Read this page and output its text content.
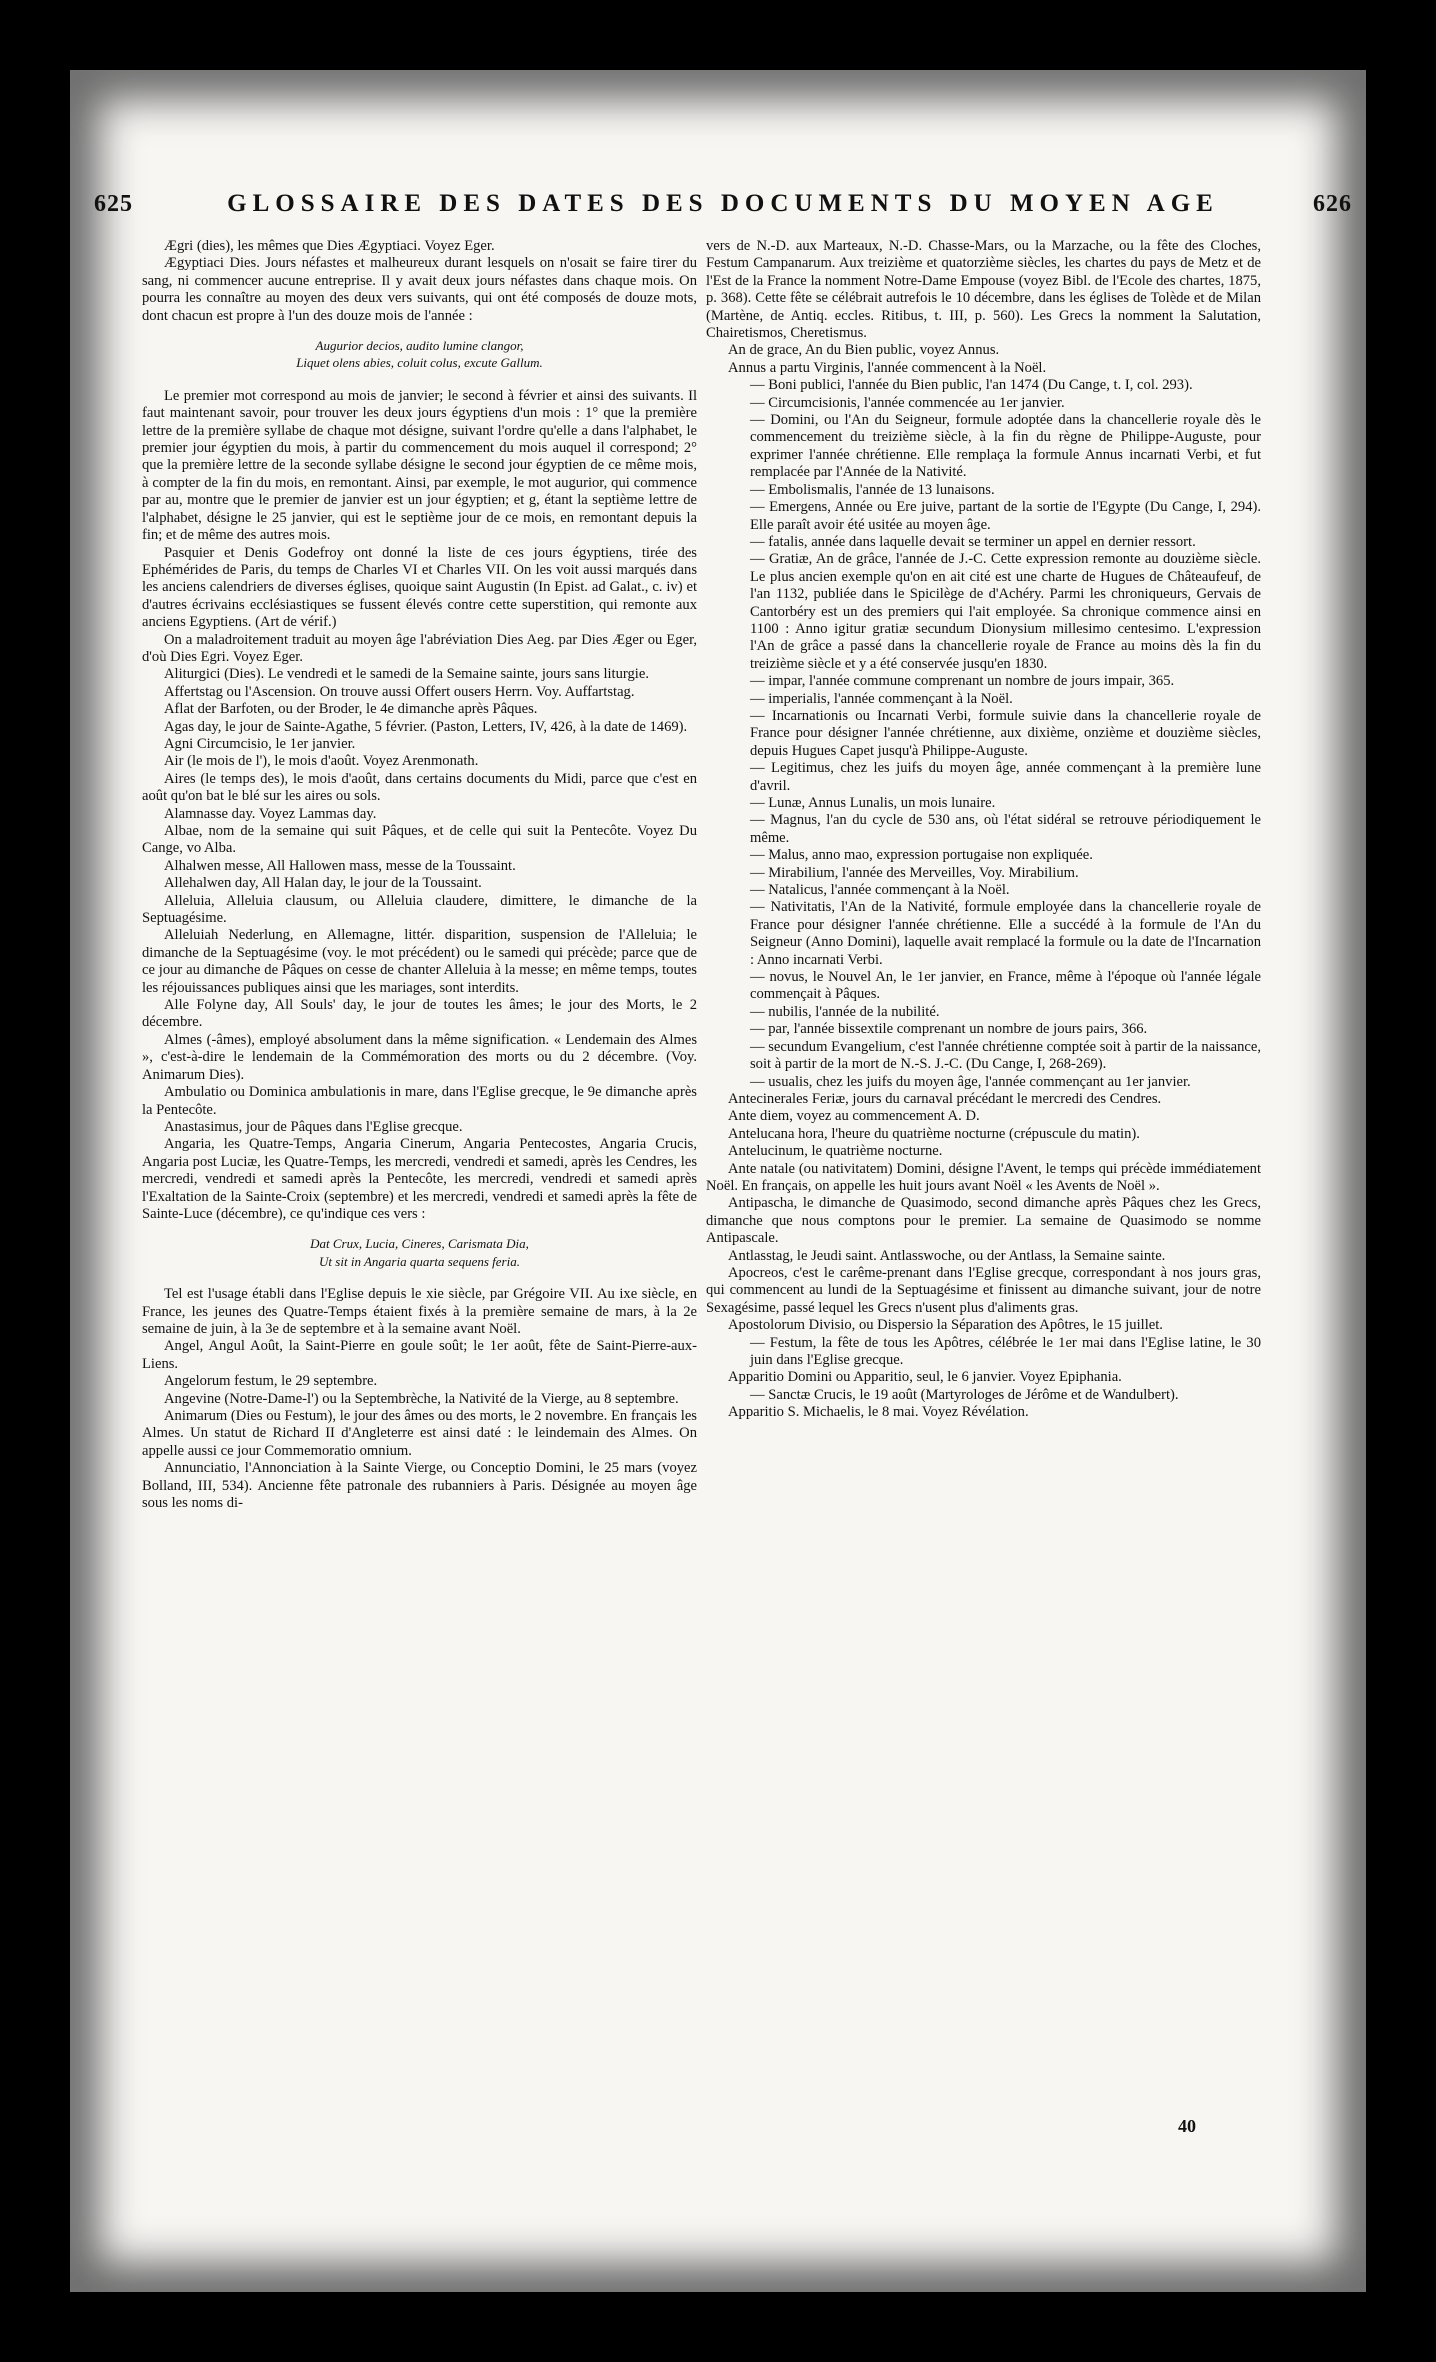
625	GLOSSAIRE DES DATES DES DOCUMENTS DU MOYEN AGE	626

Ægri (dies), les mêmes que Dies Ægyptiaci. Voyez Eger.

Ægyptiaci Dies. Jours néfastes et malheureux durant lesquels on n'osait se faire tirer du sang, ni commencer aucune entreprise. Il y avait deux jours néfastes dans chaque mois. On pourra les connaître au moyen des deux vers suivants, qui ont été composés de douze mots, dont chacun est propre à l'un des douze mois de l'année :

Augurior decios, audito lumine clangor,
Liquet olens abies, coluit colus, excute Gallum.

Le premier mot correspond au mois de janvier; le second à février et ainsi des suivants. Il faut maintenant savoir, pour trouver les deux jours égyptiens d'un mois : 1° que la première lettre de la première syllabe de chaque mot désigne, suivant l'ordre qu'elle a dans l'alphabet, le premier jour égyptien du mois, à partir du commencement du mois auquel il correspond; 2° que la première lettre de la seconde syllabe désigne le second jour égyptien de ce même mois, à compter de la fin du mois, en remontant. Ainsi, par exemple, le mot augurior, qui commence par au, montre que le premier de janvier est un jour égyptien; et g, étant la septième lettre de l'alphabet, désigne le 25 janvier, qui est le septième jour de ce mois, en remontant depuis la fin; et de même des autres mois.

Pasquier et Denis Godefroy ont donné la liste de ces jours égyptiens, tirée des Ephémérides de Paris, du temps de Charles VI et Charles VII. On les voit aussi marqués dans les anciens calendriers de diverses églises, quoique saint Augustin (In Epist. ad Galat., c. iv) et d'autres écrivains ecclésiastiques se fussent élevés contre cette superstition, qui remonte aux anciens Egyptiens. (Art de vérif.)

On a maladroitement traduit au moyen âge l'abréviation Dies Aeg. par Dies Æger ou Eger, d'où Dies Egri. Voyez Eger.

Aliturgici (Dies). Le vendredi et le samedi de la Semaine sainte, jours sans liturgie.

Affertstag ou l'Ascension. On trouve aussi Offert ousers Herrn. Voy. Auffartstag.

Aflat der Barfoten, ou der Broder, le 4e dimanche après Pâques.

Agas day, le jour de Sainte-Agathe, 5 février. (Paston, Letters, IV, 426, à la date de 1469).

Agni Circumcisio, le 1er janvier.

Air (le mois de l'), le mois d'août. Voyez Arenmonath.

Aires (le temps des), le mois d'août, dans certains documents du Midi, parce que c'est en août qu'on bat le blé sur les aires ou sols.

Alamnasse day. Voyez Lammas day.

Albae, nom de la semaine qui suit Pâques, et de celle qui suit la Pentecôte. Voyez Du Cange, vo Alba.

Alhalwen messe, All Hallowen mass, messe de la Toussaint.

Allehalwen day, All Halan day, le jour de la Toussaint.

Alleluia, Alleluia clausum, ou Alleluia claudere, dimittere, le dimanche de la Septuagésime.

Alleluiah Nederlung, en Allemagne, littér. disparition, suspension de l'Alleluia; le dimanche de la Septuagésime (voy. le mot précédent) ou le samedi qui précède; parce que de ce jour au dimanche de Pâques on cesse de chanter Alleluia à la messe; en même temps, toutes les réjouissances publiques ainsi que les mariages, sont interdits.

Alle Folyne day, All Souls' day, le jour de toutes les âmes; le jour des Morts, le 2 décembre.

Almes (-âmes), employé absolument dans la même signification. « Lendemain des Almes », c'est-à-dire le lendemain de la Commémoration des morts ou du 2 décembre. (Voy. Animarum Dies).

Ambulatio ou Dominica ambulationis in mare, dans l'Eglise grecque, le 9e dimanche après la Pentecôte.

Anastasimus, jour de Pâques dans l'Eglise grecque.

Angaria, les Quatre-Temps, Angaria Cinerum, Angaria Pentecostes, Angaria Crucis, Angaria post Luciæ, les Quatre-Temps, les mercredi, vendredi et samedi, après les Cendres, les mercredi, vendredi et samedi après la Pentecôte, les mercredi, vendredi et samedi après l'Exaltation de la Sainte-Croix (septembre) et les mercredi, vendredi et samedi après la fête de Sainte-Luce (décembre), ce qu'indique ces vers :

Dat Crux, Lucia, Cineres, Carismata Dia,
Ut sit in Angaria quarta sequens feria.

Tel est l'usage établi dans l'Eglise depuis le xie siècle, par Grégoire VII. Au ixe siècle, en France, les jeunes des Quatre-Temps étaient fixés à la première semaine de mars, à la 2e semaine de juin, à la 3e de septembre et à la semaine avant Noël.

Angel, Angul Août, la Saint-Pierre en goule soût; le 1er août, fête de Saint-Pierre-aux-Liens.

Angelorum festum, le 29 septembre.

Angevine (Notre-Dame-l') ou la Septembrèche, la Nativité de la Vierge, au 8 septembre.

Animarum (Dies ou Festum), le jour des âmes ou des morts, le 2 novembre. En français les Almes. Un statut de Richard II d'Angleterre est ainsi daté : le leindemain des Almes. On appelle aussi ce jour Commemoratio omnium.

Annunciatio, l'Annonciation à la Sainte Vierge, ou Conceptio Domini, le 25 mars (voyez Bolland, III, 534). Ancienne fête patronale des rubanniers à Paris. Désignée au moyen âge sous les noms di-

vers de N.-D. aux Marteaux, N.-D. Chasse-Mars, ou la Marzache, ou la fête des Cloches, Festum Campanarum. Aux treizième et quatorzième siècles, les chartes du pays de Metz et de l'Est de la France la nomment Notre-Dame Empouse (voyez Bibl. de l'Ecole des chartes, 1875, p. 368). Cette fête se célébrait autrefois le 10 décembre, dans les églises de Tolède et de Milan (Martène, de Antiq. eccles. Ritibus, t. III, p. 560). Les Grecs la nomment la Salutation, Chairetismos, Cheretismus.

An de grace, An du Bien public, voyez Annus.

Annus a partu Virginis, l'année commencent à la Noël.

— Boni publici, l'année du Bien public, l'an 1474 (Du Cange, t. I, col. 293).

— Circumcisionis, l'année commencée au 1er janvier.

— Domini, ou l'An du Seigneur, formule adoptée dans la chancellerie royale dès le commencement du treizième siècle, à la fin du règne de Philippe-Auguste, pour exprimer l'année chrétienne. Elle remplaça la formule Annus incarnati Verbi, et fut remplacée par l'Année de la Nativité.

— Embolismalis, l'année de 13 lunaisons.

— Emergens, Année ou Ere juive, partant de la sortie de l'Egypte (Du Cange, I, 294). Elle paraît avoir été usitée au moyen âge.

— fatalis, année dans laquelle devait se terminer un appel en dernier ressort.

— Gratiæ, An de grâce, l'année de J.-C. Cette expression remonte au douzième siècle. Le plus ancien exemple qu'on en ait cité est une charte de Hugues de Châteaufeuf, de l'an 1132, publiée dans le Spicilège de d'Achéry. Parmi les chroniqueurs, Gervais de Cantorbéry est un des premiers qui l'ait employée. Sa chronique commence ainsi en 1100 : Anno igitur gratiæ secundum Dionysium millesimo centesimo. L'expression l'An de grâce a passé dans la chancellerie royale de France au moins dès la fin du treizième siècle et y a été conservée jusqu'en 1830.

— impar, l'année commune comprenant un nombre de jours impair, 365.

— imperialis, l'année commençant à la Noël.

— Incarnationis ou Incarnati Verbi, formule suivie dans la chancellerie royale de France pour désigner l'année chrétienne, aux dixième, onzième et douzième siècles, depuis Hugues Capet jusqu'à Philippe-Auguste.

— Legitimus, chez les juifs du moyen âge, année commençant à la première lune d'avril.

— Lunæ, Annus Lunalis, un mois lunaire.

— Magnus, l'an du cycle de 530 ans, où l'état sidéral se retrouve périodiquement le même.

— Malus, anno mao, expression portugaise non expliquée.

— Mirabilium, l'année des Merveilles, Voy. Mirabilium.

— Natalicus, l'année commençant à la Noël.

— Nativitatis, l'An de la Nativité, formule employée dans la chancellerie royale de France pour désigner l'année chrétienne. Elle a succédé à la formule de l'An du Seigneur (Anno Domini), laquelle avait remplacé la formule ou la date de l'Incarnation : Anno incarnati Verbi.

— novus, le Nouvel An, le 1er janvier, en France, même à l'époque où l'année légale commençait à Pâques.

— nubilis, l'année de la nubilité.

— par, l'année bissextile comprenant un nombre de jours pairs, 366.

— secundum Evangelium, c'est l'année chrétienne comptée soit à partir de la naissance, soit à partir de la mort de N.-S. J.-C. (Du Cange, I, 268-269).

— usualis, chez les juifs du moyen âge, l'année commençant au 1er janvier.

Antecinerales Feriæ, jours du carnaval précédant le mercredi des Cendres.

Ante diem, voyez au commencement A. D.

Antelucana hora, l'heure du quatrième nocturne (crépuscule du matin).

Antelucinum, le quatrième nocturne.

Ante natale (ou nativitatem) Domini, désigne l'Avent, le temps qui précède immédiatement Noël. En français, on appelle les huit jours avant Noël « les Avents de Noël ».

Antipascha, le dimanche de Quasimodo, second dimanche après Pâques chez les Grecs, dimanche que nous comptons pour le premier. La semaine de Quasimodo se nomme Antipascale.

Antlasstag, le Jeudi saint. Antlasswoche, ou der Antlass, la Semaine sainte.

Apocreos, c'est le carême-prenant dans l'Eglise grecque, correspondant à nos jours gras, qui commencent au lundi de la Septuagésime et finissent au dimanche suivant, jour de notre Sexagésime, passé lequel les Grecs n'usent plus d'aliments gras.

Apostolorum Divisio, ou Dispersio la Séparation des Apôtres, le 15 juillet.

— Festum, la fête de tous les Apôtres, célébrée le 1er mai dans l'Eglise latine, le 30 juin dans l'Eglise grecque.

Apparitio Domini ou Apparitio, seul, le 6 janvier. Voyez Epiphania.

— Sanctæ Crucis, le 19 août (Martyrologes de Jérôme et de Wandulbert).

Apparitio S. Michaelis, le 8 mai. Voyez Révélation.

40
